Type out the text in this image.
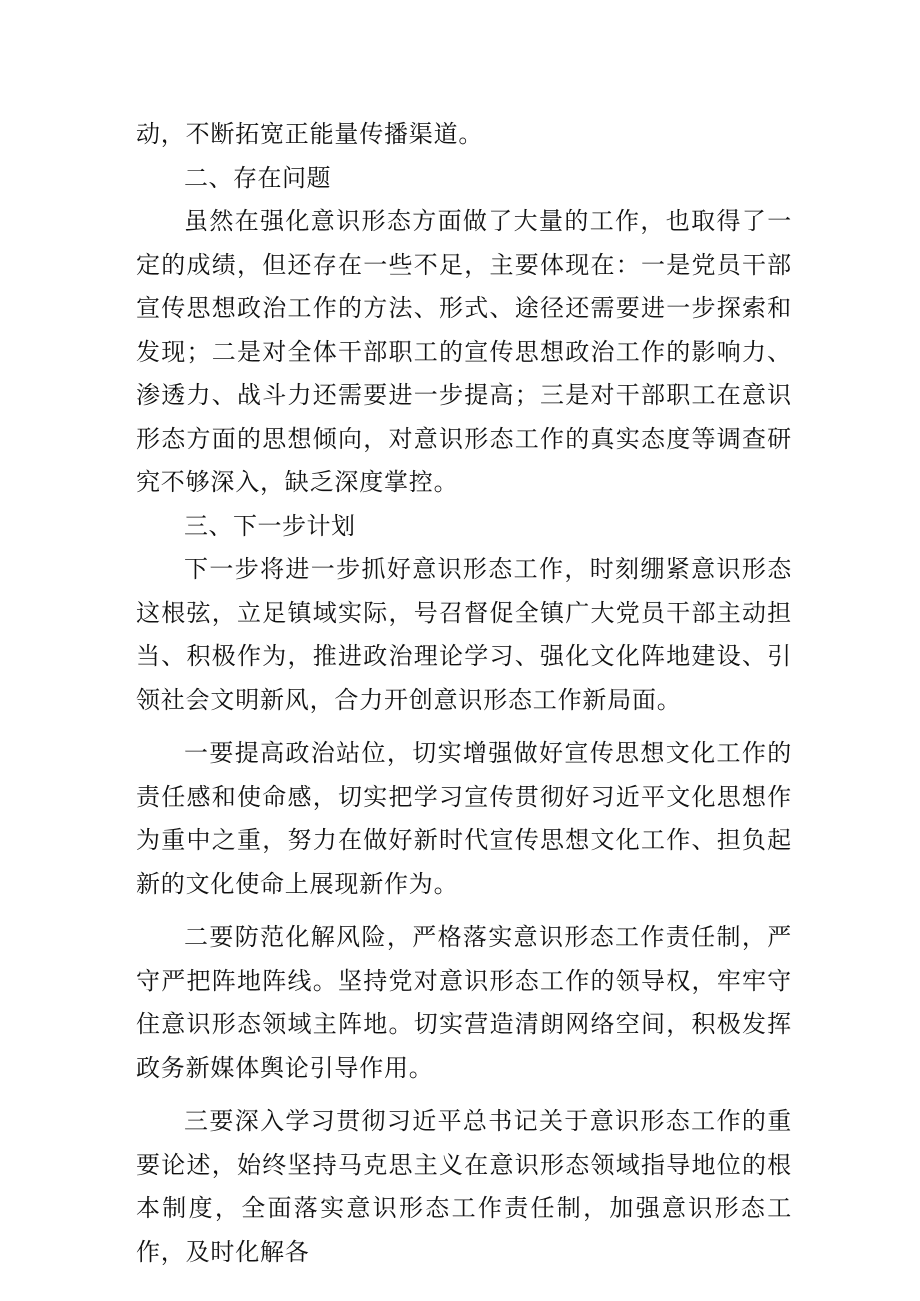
动，不断拓宽正能量传播渠道。

二、存在问题

虽然在强化意识形态方面做了大量的工作，也取得了一定的成绩，但还存在一些不足，主要体现在：一是党员干部宣传思想政治工作的方法、形式、途径还需要进一步探索和发现；二是对全体干部职工的宣传思想政治工作的影响力、渗透力、战斗力还需要进一步提高；三是对干部职工在意识形态方面的思想倾向，对意识形态工作的真实态度等调查研究不够深入，缺乏深度掌控。

三、下一步计划

下一步将进一步抓好意识形态工作，时刻绷紧意识形态这根弦，立足镇域实际，号召督促全镇广大党员干部主动担当、积极作为，推进政治理论学习、强化文化阵地建设、引领社会文明新风，合力开创意识形态工作新局面。

一要提高政治站位，切实增强做好宣传思想文化工作的责任感和使命感，切实把学习宣传贯彻好习近平文化思想作为重中之重，努力在做好新时代宣传思想文化工作、担负起新的文化使命上展现新作为。

二要防范化解风险，严格落实意识形态工作责任制，严守严把阵地阵线。坚持党对意识形态工作的领导权，牢牢守住意识形态领域主阵地。切实营造清朗网络空间，积极发挥政务新媒体舆论引导作用。

三要深入学习贯彻习近平总书记关于意识形态工作的重要论述，始终坚持马克思主义在意识形态领域指导地位的根本制度，全面落实意识形态工作责任制，加强意识形态工作，及时化解各
